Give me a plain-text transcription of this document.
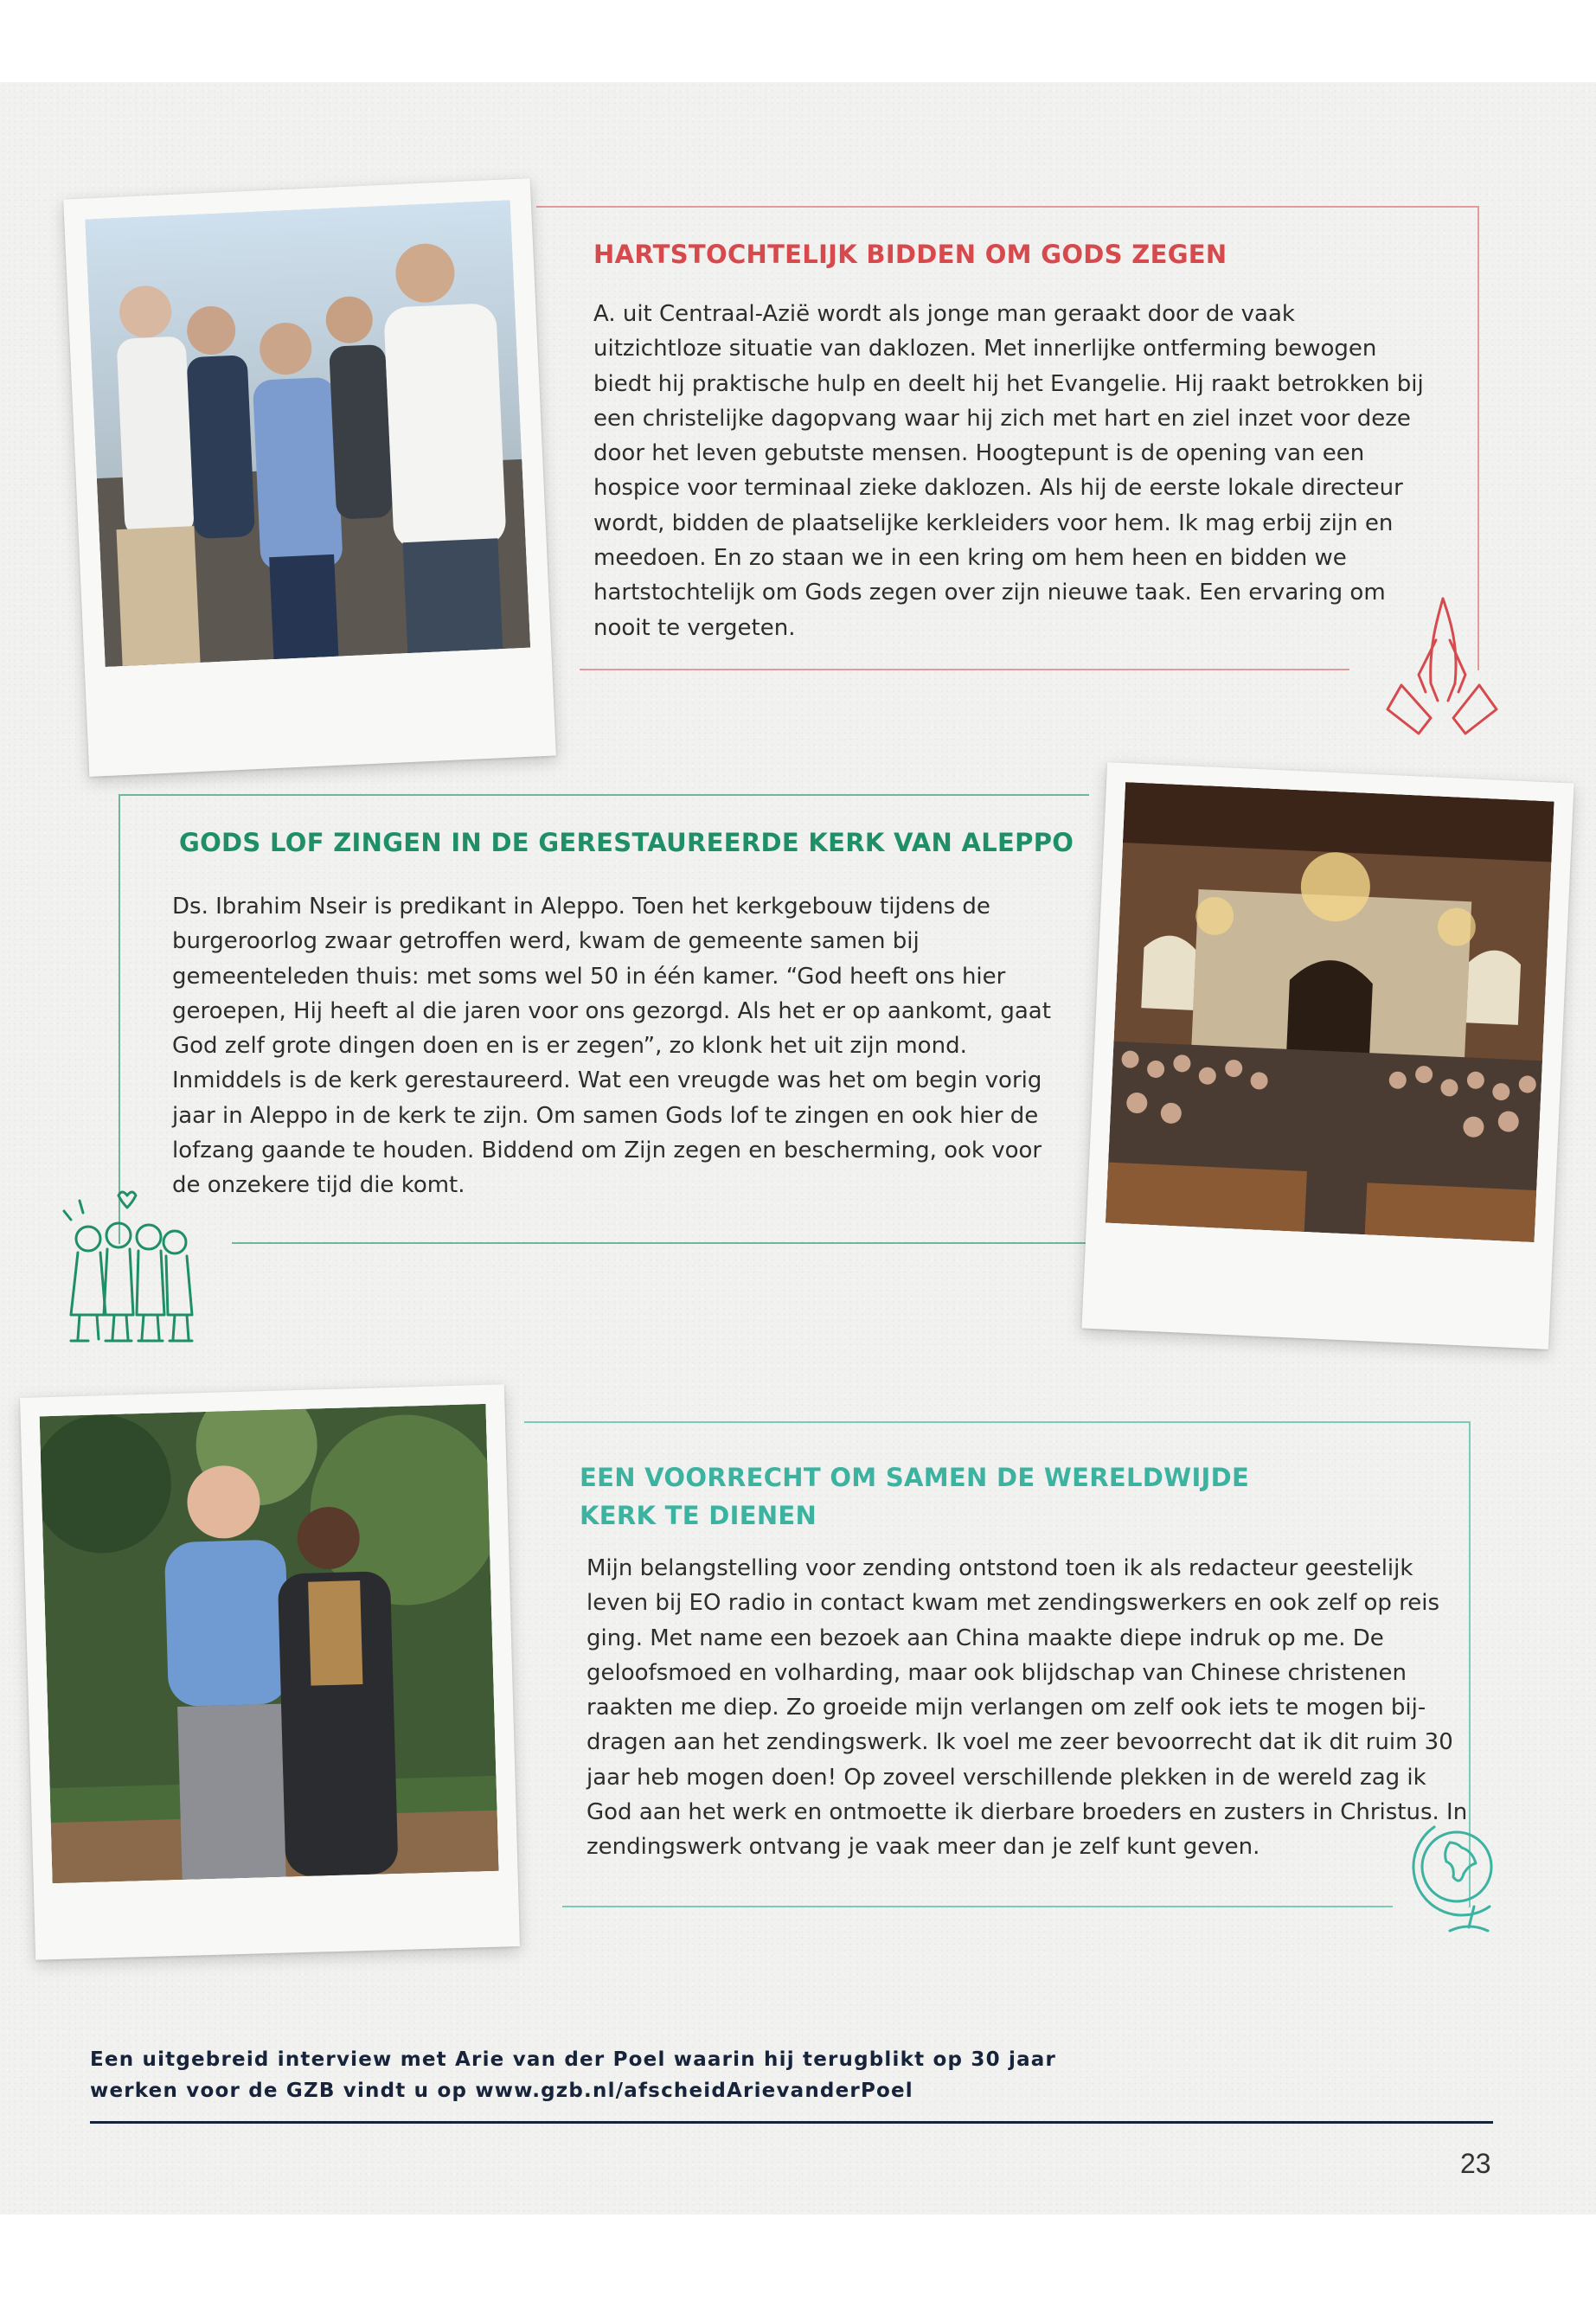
HARTSTOCHTELIJK BIDDEN OM GODS ZEGEN

A. uit Centraal-Azië wordt als jonge man geraakt door de vaak uitzichtloze situatie van daklozen. Met innerlijke ontferming bewogen biedt hij praktische hulp en deelt hij het Evangelie. Hij raakt betrokken bij een christelijke dagopvang waar hij zich met hart en ziel inzet voor deze door het leven gebutste mensen. Hoogtepunt is de opening van een hospice voor terminaal zieke daklozen. Als hij de eerste lokale directeur wordt, bidden de plaatselijke kerkleiders voor hem. Ik mag erbij zijn en meedoen. En zo staan we in een kring om hem heen en bidden we hartstochtelijk om Gods zegen over zijn nieuwe taak. Een ervaring om nooit te vergeten.

GODS LOF ZINGEN IN DE GERESTAUREERDE KERK VAN ALEPPO

Ds. Ibrahim Nseir is predikant in Aleppo. Toen het kerkgebouw tijdens de burgeroorlog zwaar getroffen werd, kwam de gemeente samen bij gemeenteleden thuis: met soms wel 50 in één kamer. “God heeft ons hier geroepen, Hij heeft al die jaren voor ons gezorgd. Als het er op aankomt, gaat God zelf grote dingen doen en is er zegen”, zo klonk het uit zijn mond. Inmiddels is de kerk gerestaureerd. Wat een vreugde was het om begin vorig jaar in Aleppo in de kerk te zijn. Om samen Gods lof te zingen en ook hier de lofzang gaande te houden. Biddend om Zijn zegen en bescherming, ook voor de onzekere tijd die komt.

EEN VOORRECHT OM SAMEN DE WERELDWIJDE
KERK TE DIENEN

Mijn belangstelling voor zending ontstond toen ik als redacteur geestelijk leven bij EO radio in contact kwam met zendingswerkers en ook zelf op reis ging. Met name een bezoek aan China maakte diepe indruk op me. De geloofsmoed en volharding, maar ook blijdschap van Chinese christenen raakten me diep. Zo groeide mijn verlangen om zelf ook iets te mogen bij-dragen aan het zendingswerk. Ik voel me zeer bevoorrecht dat ik dit ruim 30 jaar heb mogen doen! Op zoveel verschillende plekken in de wereld zag ik God aan het werk en ontmoette ik dierbare broeders en zusters in Christus. In zendingswerk ontvang je vaak meer dan je zelf kunt geven.

Een uitgebreid interview met Arie van der Poel waarin hij terugblikt op 30 jaar
werken voor de GZB vindt u op www.gzb.nl/afscheidArievanderPoel

23
